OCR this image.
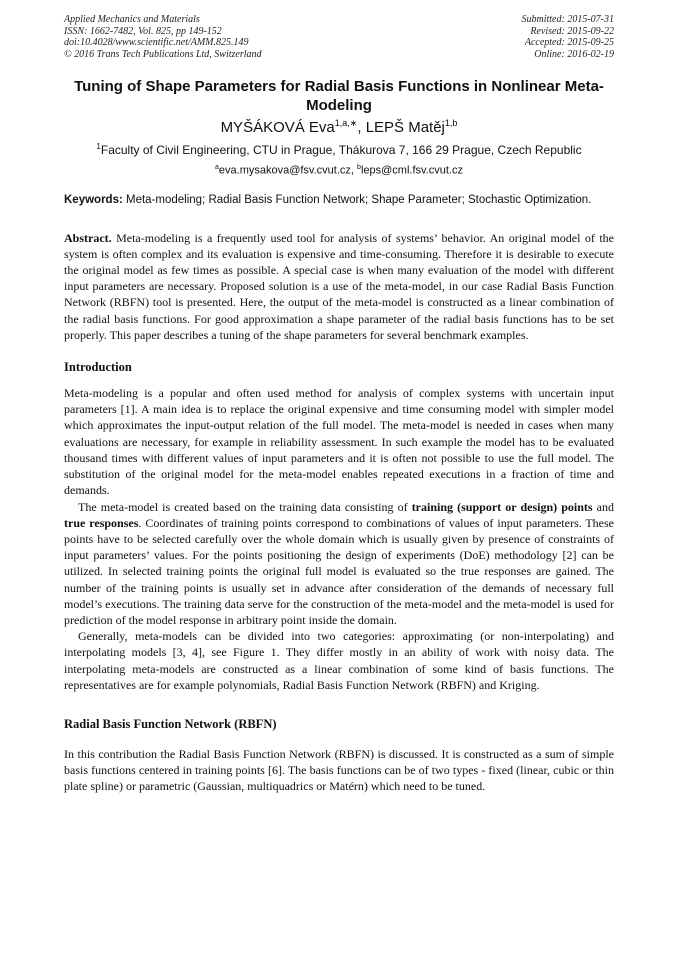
Applied Mechanics and Materials
ISSN: 1662-7482, Vol. 825, pp 149-152
doi:10.4028/www.scientific.net/AMM.825.149
© 2016 Trans Tech Publications Ltd, Switzerland
Submitted: 2015-07-31
Revised: 2015-09-22
Accepted: 2015-09-25
Online: 2016-02-19
Tuning of Shape Parameters for Radial Basis Functions in Nonlinear Meta-Modeling
MYŠÁKOVÁ Eva$^{1,a,∗}$, LEPŠ Matěj$^{1,b}$
$^1$Faculty of Civil Engineering, CTU in Prague, Thákurova 7, 166 29 Prague, Czech Republic
$^a$eva.mysakova@fsv.cvut.cz, $^b$leps@cml.fsv.cvut.cz
Keywords: Meta-modeling; Radial Basis Function Network; Shape Parameter; Stochastic Optimization.
Abstract. Meta-modeling is a frequently used tool for analysis of systems’ behavior. An original model of the system is often complex and its evaluation is expensive and time-consuming. Therefore it is desirable to execute the original model as few times as possible. A special case is when many evaluation of the model with different input parameters are necessary. Proposed solution is a use of the meta-model, in our case Radial Basis Function Network (RBFN) tool is presented. Here, the output of the meta-model is constructed as a linear combination of the radial basis functions. For good approximation a shape parameter of the radial basis functions has to be set properly. This paper describes a tuning of the shape parameters for several benchmark examples.
Introduction

Meta-modeling is a popular and often used method for analysis of complex systems with uncertain input parameters [1]. A main idea is to replace the original expensive and time consuming model with simpler model which approximates the input-output relation of the full model. The meta-model is needed in cases when many evaluations are necessary, for example in reliability assessment. In such example the model has to be evaluated thousand times with different values of input parameters and it is often not possible to use the full model. The substitution of the original model for the meta-model enables repeated executions in a fraction of time and demands.

The meta-model is created based on the training data consisting of training (support or design) points and true responses. Coordinates of training points correspond to combinations of values of input parameters. These points have to be selected carefully over the whole domain which is usually given by presence of constraints of input parameters’ values. For the points positioning the design of experiments (DoE) methodology [2] can be utilized. In selected training points the original full model is evaluated so the true responses are gained. The number of the training points is usually set in advance after consideration of the demands of necessary full model’s executions. The training data serve for the construction of the meta-model and the meta-model is used for prediction of the model response in arbitrary point inside the domain.

Generally, meta-models can be divided into two categories: approximating (or non-interpolating) and interpolating models [3, 4], see Figure 1. They differ mostly in an ability of work with noisy data. The interpolating meta-models are constructed as a linear combination of some kind of basis functions. The representatives are for example polynomials, Radial Basis Function Network (RBFN) and Kriging.

Radial Basis Function Network (RBFN)

In this contribution the Radial Basis Function Network (RBFN) is discussed. It is constructed as a sum of simple basis functions centered in training points [6]. The basis functions can be of two types - fixed (linear, cubic or thin plate spline) or parametric (Gaussian, multiquadrics or Matérn) which need to be tuned.
